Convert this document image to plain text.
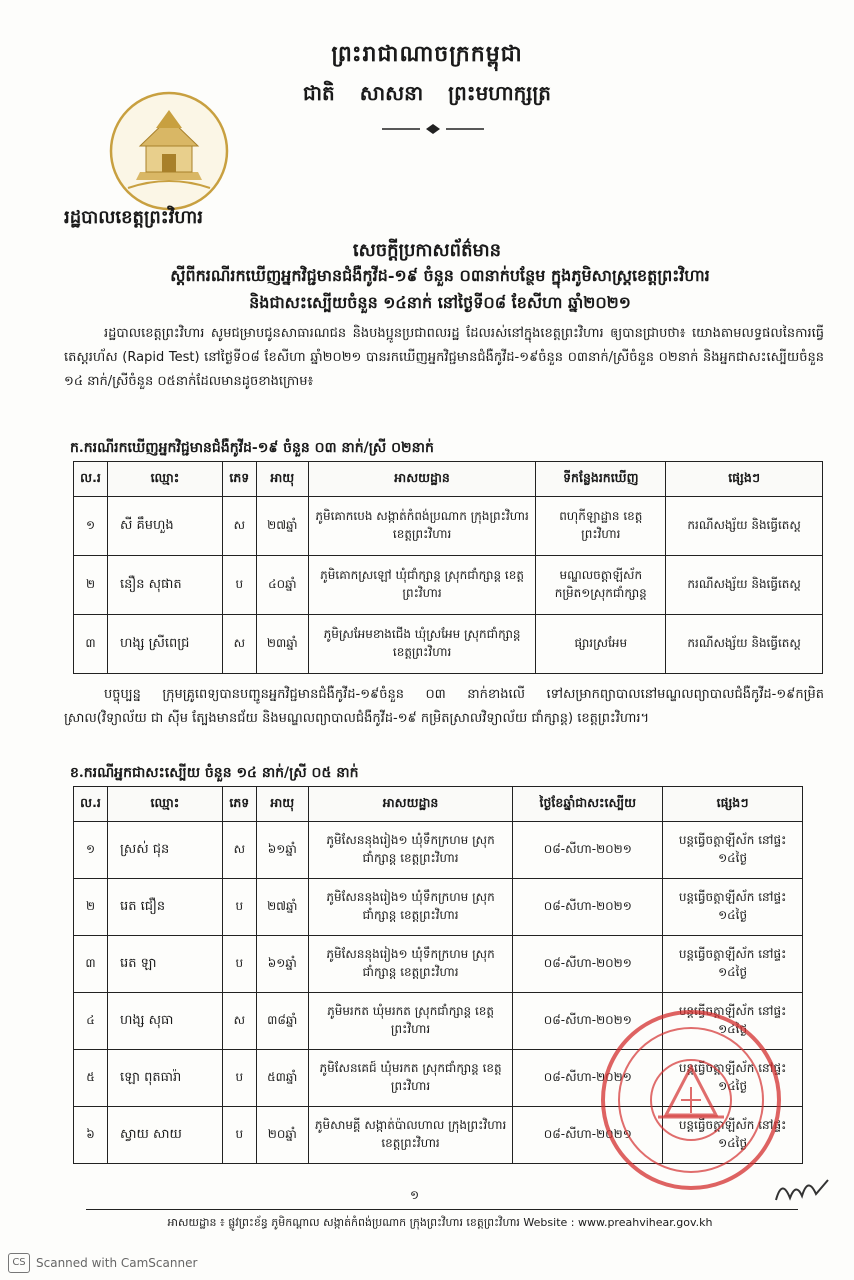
ព្រះរាជាណាចក្រកម្ពុជា
ជាតិ សាសនា ព្រះមហាក្សត្រ
រដ្ឋបាលខេត្តព្រះវិហារ
សេចក្តីប្រកាសព័ត៌មាន
ស្តីពីករណីរកឃើញអ្នកវិជ្ជមានជំងឺកូវីដ-១៩ ចំនួន ០៣នាក់បន្ថែម ក្នុងភូមិសាស្ត្រខេត្តព្រះវិហារ
និងជាសះស្បើយចំនួន ១៤នាក់ នៅថ្ងៃទី០៨ ខែសីហា ឆ្នាំ២០២១
រដ្ឋបាលខេត្តព្រះវិហារ សូមជម្រាបជូនសាធារណជន និងបងប្អូនប្រជាពលរដ្ឋ ដែលរស់នៅក្នុងខេត្តព្រះវិហារ ឲ្យបានជ្រាបថា៖ យោងតាមលទ្ធផលនៃការធ្វើតេស្តរហ័ស (Rapid Test) នៅថ្ងៃទី០៨ ខែសីហា ឆ្នាំ២០២១ បានរកឃើញអ្នកវិជ្ជមានជំងឺកូវីដ-១៩ចំនួន ០៣នាក់/ស្រីចំនួន ០២នាក់ និងអ្នកជាសះស្បើយចំនួន ១៤ នាក់/ស្រីចំនួន ០៥នាក់ដែលមានដូចខាងក្រោម៖
ក.ករណីរកឃើញអ្នកវិជ្ជមានជំងឺកូវីដ-១៩ ចំនួន ០៣ នាក់/ស្រី ០២នាក់
ល.រ	ឈ្មោះ	ភេទ	អាយុ	អាសយដ្ឋាន	ទីកន្លែងរកឃើញ	ផ្សេងៗ
១	សី គឹមហួង	ស	២៧ឆ្នាំ	ភូមិគោកបេង សង្កាត់កំពង់ប្រណាក ក្រុងព្រះវិហារ ខេត្តព្រះវិហារ	ពហុកីឡាដ្ឋាន ខេត្តព្រះវិហារ	ករណីសង្ស័យ និងធ្វើតេស្ត
២	នឿន សុផាត	ប	៤០ឆ្នាំ	ភូមិគោកស្រឡៅ ឃុំជាំក្សាន្ត ស្រុកជាំក្សាន្ត ខេត្តព្រះវិហារ	មណ្ឌលចត្តាឡីស័ក កម្រិត១ស្រុកជាំក្សាន្ត	ករណីសង្ស័យ និងធ្វើតេស្ត
៣	ហង្ស ស្រីពេជ្រ	ស	២៣ឆ្នាំ	ភូមិស្រអែមខាងជើង ឃុំស្រអែម ស្រុកជាំក្សាន្ត ខេត្តព្រះវិហារ	ផ្សារស្រអែម	ករណីសង្ស័យ និងធ្វើតេស្ត
បច្ចុប្បន្ន ក្រុមគ្រូពេទ្យបានបញ្ជូនអ្នកវិជ្ជមានជំងឺកូវីដ-១៩ចំនួន ០៣ នាក់ខាងលើ ទៅសម្រាកព្យាបាលនៅមណ្ឌលព្យាបាលជំងឺកូវីដ-១៩កម្រិតស្រាល(វិទ្យាល័យ ជា ស៊ីម ត្បែងមានជ័យ និងមណ្ឌលព្យាបាលជំងឺកូវីដ-១៩ កម្រិតស្រាលវិទ្យាល័យ ជាំក្សាន្ត) ខេត្តព្រះវិហារ។
ខ.ករណីអ្នកជាសះស្បើយ ចំនួន ១៤ នាក់/ស្រី ០៥ នាក់
ល.រ	ឈ្មោះ	ភេទ	អាយុ	អាសយដ្ឋាន	ថ្ងៃខែឆ្នាំជាសះស្បើយ	ផ្សេងៗ
១	ស្រស់ ជុន	ស	៦១ឆ្នាំ	ភូមិសែននុងរៀង១ ឃុំទឹកក្រហម ស្រុកជាំក្សាន្ត ខេត្តព្រះវិហារ	០៨-សីហា-២០២១	បន្តធ្វើចត្តាឡីស័ក នៅផ្ទះ ១៤ថ្ងៃ
២	រេត ជឿន	ប	២៧ឆ្នាំ	ភូមិសែននុងរៀង១ ឃុំទឹកក្រហម ស្រុកជាំក្សាន្ត ខេត្តព្រះវិហារ	០៨-សីហា-២០២១	បន្តធ្វើចត្តាឡីស័ក នៅផ្ទះ ១៤ថ្ងៃ
៣	រេត ឡា	ប	៦១ឆ្នាំ	ភូមិសែននុងរៀង១ ឃុំទឹកក្រហម ស្រុកជាំក្សាន្ត ខេត្តព្រះវិហារ	០៨-សីហា-២០២១	បន្តធ្វើចត្តាឡីស័ក នៅផ្ទះ ១៤ថ្ងៃ
៤	ហង្ស សុធា	ស	៣៨ឆ្នាំ	ភូមិមរកត ឃុំមរកត ស្រុកជាំក្សាន្ត ខេត្តព្រះវិហារ	០៨-សីហា-២០២១	បន្តធ្វើចត្តាឡីស័ក នៅផ្ទះ ១៤ថ្ងៃ
៥	ឡោ ពុតធារ៉ា	ប	៥៣ឆ្នាំ	ភូមិសែនគេជ៍ ឃុំមរកត ស្រុកជាំក្សាន្ត ខេត្តព្រះវិហារ	០៨-សីហា-២០២១	បន្តធ្វើចត្តាឡីស័ក នៅផ្ទះ ១៤ថ្ងៃ
៦	ស្វាយ សាយ	ប	២០ឆ្នាំ	ភូមិសាមគ្គី សង្កាត់ប៉ាលហាល ក្រុងព្រះវិហារ ខេត្តព្រះវិហារ	០៨-សីហា-២០២១	បន្តធ្វើចត្តាឡីស័ក នៅផ្ទះ ១៤ថ្ងៃ
១
អាសយដ្ឋាន ៖ ផ្លូវព្រះខ័ន្ធ ភូមិកណ្តាល សង្កាត់កំពង់ប្រណាក ក្រុងព្រះវិហារ ខេត្តព្រះវិហារ Website : www.preahvihear.gov.kh
CS Scanned with CamScanner
